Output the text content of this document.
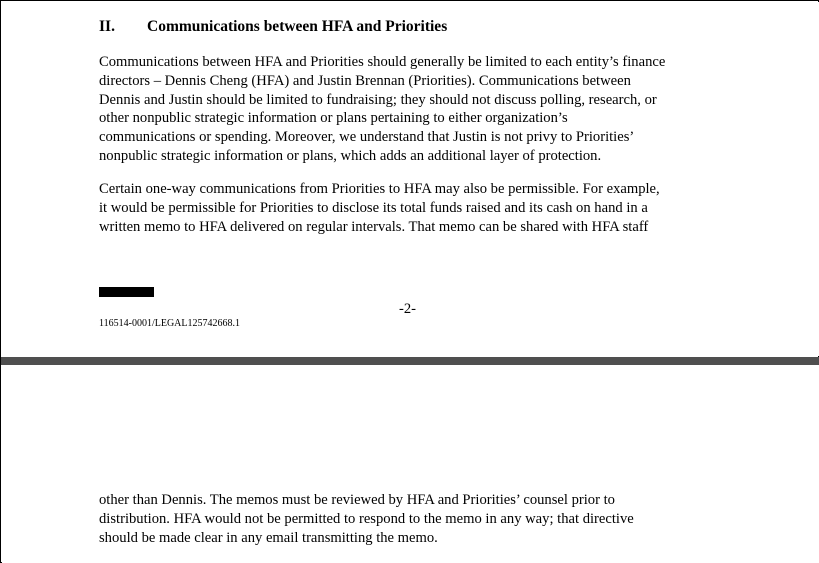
II. Communications between HFA and Priorities

Communications between HFA and Priorities should generally be limited to each entity’s finance
directors – Dennis Cheng (HFA) and Justin Brennan (Priorities). Communications between
Dennis and Justin should be limited to fundraising; they should not discuss polling, research, or
other nonpublic strategic information or plans pertaining to either organization’s
communications or spending. Moreover, we understand that Justin is not privy to Priorities’
nonpublic strategic information or plans, which adds an additional layer of protection.

Certain one-way communications from Priorities to HFA may also be permissible. For example,
it would be permissible for Priorities to disclose its total funds raised and its cash on hand in a
written memo to HFA delivered on regular intervals. That memo can be shared with HFA staff

-2-
116514-0001/LEGAL125742668.1

other than Dennis. The memos must be reviewed by HFA and Priorities’ counsel prior to
distribution. HFA would not be permitted to respond to the memo in any way; that directive
should be made clear in any email transmitting the memo.
